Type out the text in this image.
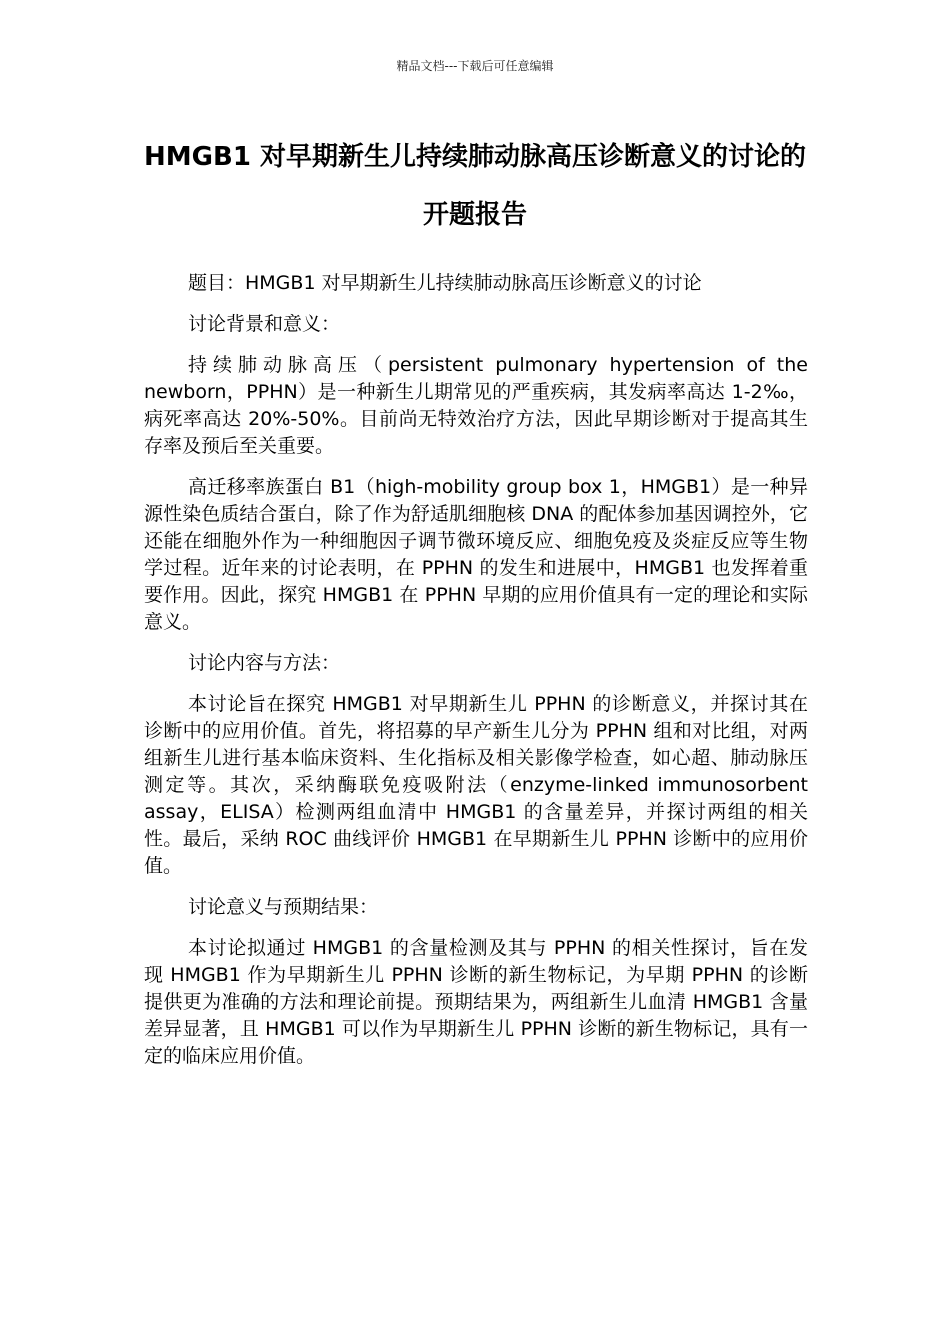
精品文档---下载后可任意编辑
HMGB1 对早期新生儿持续肺动脉高压诊断意义的讨论的开题报告

题目：HMGB1 对早期新生儿持续肺动脉高压诊断意义的讨论

讨论背景和意义：

持续肺动脉高压（persistent pulmonary hypertension of the newborn，PPHN）是一种新生儿期常见的严重疾病，其发病率高达 1-2‰，病死率高达 20%-50%。目前尚无特效治疗方法，因此早期诊断对于提高其生存率及预后至关重要。

高迁移率族蛋白 B1（high-mobility group box 1，HMGB1）是一种异源性染色质结合蛋白，除了作为舒适肌细胞核 DNA 的配体参加基因调控外，它还能在细胞外作为一种细胞因子调节微环境反应、细胞免疫及炎症反应等生物学过程。近年来的讨论表明，在 PPHN 的发生和进展中，HMGB1 也发挥着重要作用。因此，探究 HMGB1 在 PPHN 早期的应用价值具有一定的理论和实际意义。

讨论内容与方法：

本讨论旨在探究 HMGB1 对早期新生儿 PPHN 的诊断意义，并探讨其在诊断中的应用价值。首先，将招募的早产新生儿分为 PPHN 组和对比组，对两组新生儿进行基本临床资料、生化指标及相关影像学检查，如心超、肺动脉压测定等。其次，采纳酶联免疫吸附法（enzyme-linked immunosorbent assay，ELISA）检测两组血清中 HMGB1 的含量差异，并探讨两组的相关性。最后，采纳 ROC 曲线评价 HMGB1 在早期新生儿 PPHN 诊断中的应用价值。

讨论意义与预期结果：

本讨论拟通过 HMGB1 的含量检测及其与 PPHN 的相关性探讨，旨在发现 HMGB1 作为早期新生儿 PPHN 诊断的新生物标记，为早期 PPHN 的诊断提供更为准确的方法和理论前提。预期结果为，两组新生儿血清 HMGB1 含量差异显著，且 HMGB1 可以作为早期新生儿 PPHN 诊断的新生物标记，具有一定的临床应用价值。
